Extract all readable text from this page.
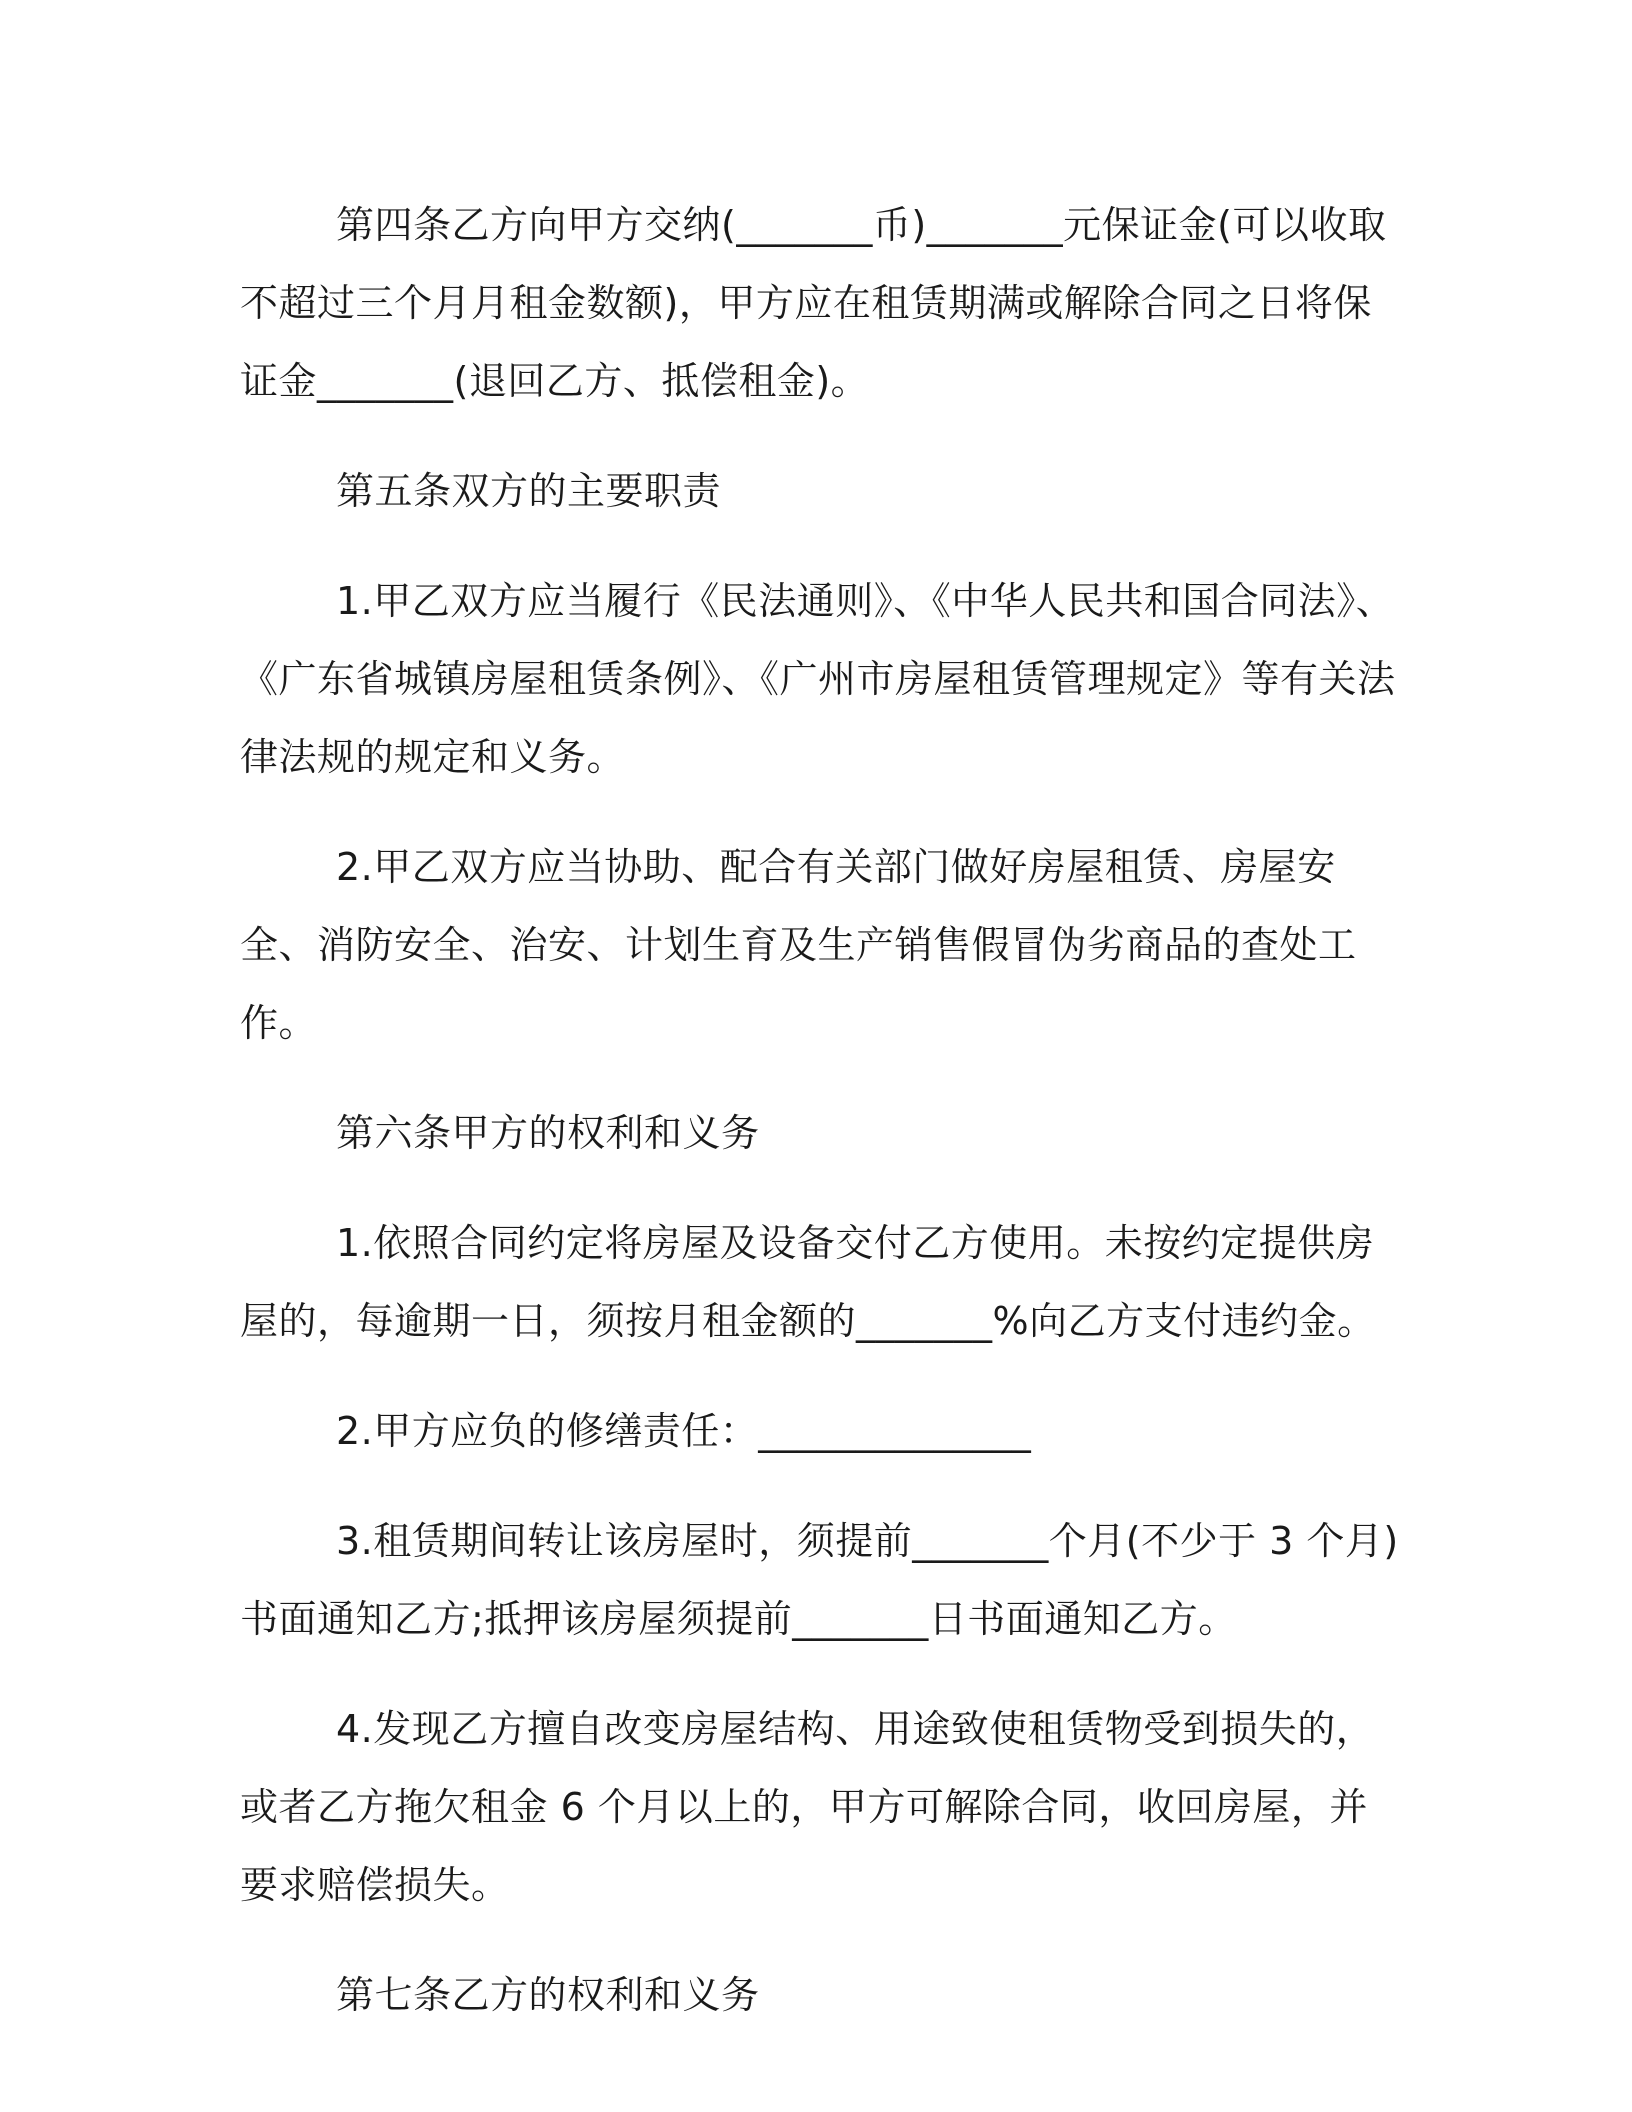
第四条乙方向甲方交纳(_______币)_______元保证金(可以收取不超过三个月月租金数额)，甲方应在租赁期满或解除合同之日将保证金_______(退回乙方、抵偿租金)。

第五条双方的主要职责

1.甲乙双方应当履行《民法通则》、《中华人民共和国合同法》、《广东省城镇房屋租赁条例》、《广州市房屋租赁管理规定》等有关法律法规的规定和义务。

2.甲乙双方应当协助、配合有关部门做好房屋租赁、房屋安全、消防安全、治安、计划生育及生产销售假冒伪劣商品的查处工作。

第六条甲方的权利和义务

1.依照合同约定将房屋及设备交付乙方使用。未按约定提供房屋的，每逾期一日，须按月租金额的_______%向乙方支付违约金。

2.甲方应负的修缮责任：______________

3.租赁期间转让该房屋时，须提前_______个月(不少于 3 个月)书面通知乙方;抵押该房屋须提前_______日书面通知乙方。

4.发现乙方擅自改变房屋结构、用途致使租赁物受到损失的，或者乙方拖欠租金 6 个月以上的，甲方可解除合同，收回房屋，并要求赔偿损失。

第七条乙方的权利和义务
